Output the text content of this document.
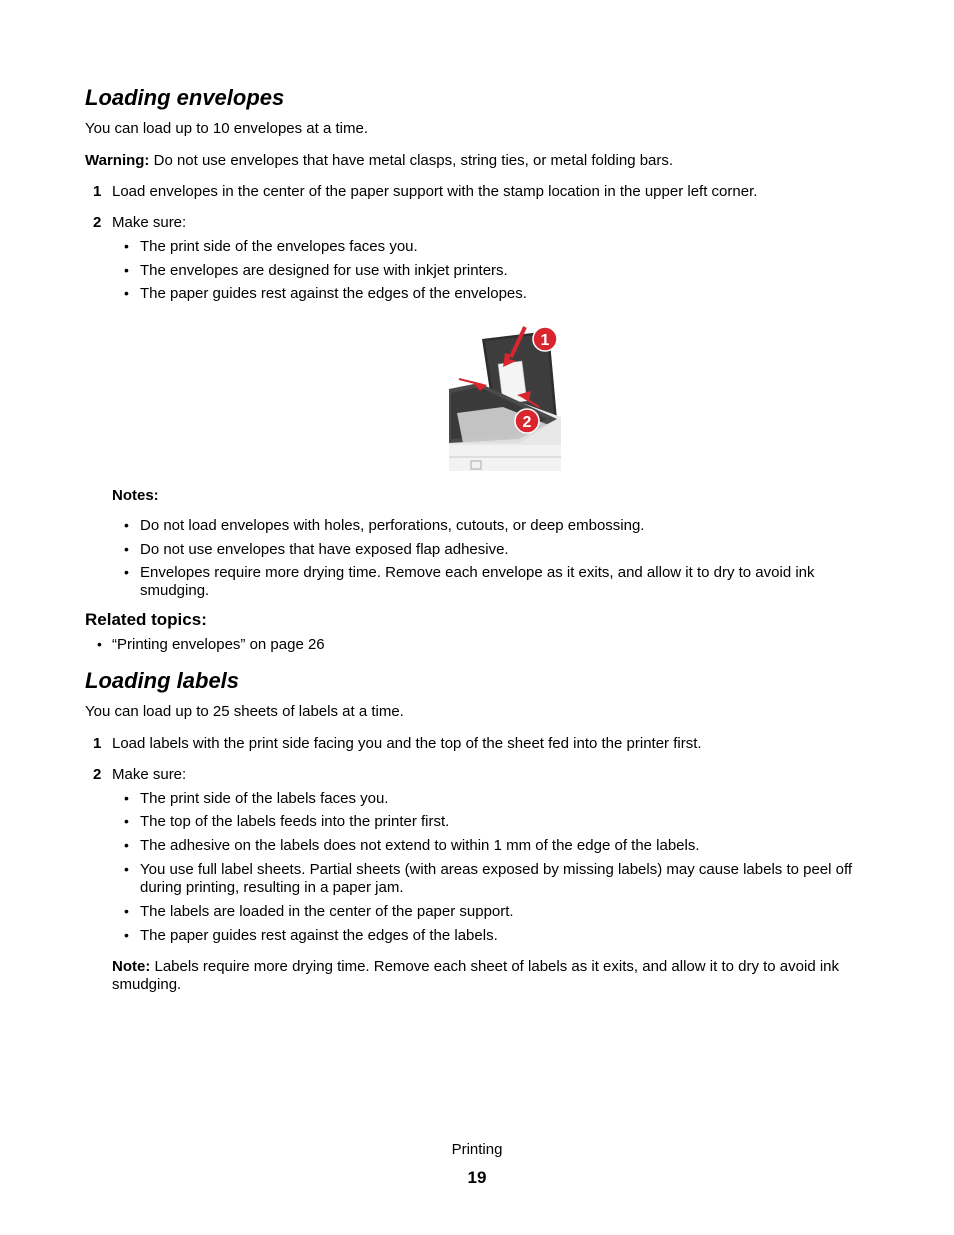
Loading envelopes

You can load up to 10 envelopes at a time.

Warning: Do not use envelopes that have metal clasps, string ties, or metal folding bars.

1 Load envelopes in the center of the paper support with the stamp location in the upper left corner.
2 Make sure:
• The print side of the envelopes faces you.
• The envelopes are designed for use with inkjet printers.
• The paper guides rest against the edges of the envelopes.
1
2
Notes:
• Do not load envelopes with holes, perforations, cutouts, or deep embossing.
• Do not use envelopes that have exposed flap adhesive.
• Envelopes require more drying time. Remove each envelope as it exits, and allow it to dry to avoid ink smudging.
Related topics:
• “Printing envelopes” on page 26
Loading labels

You can load up to 25 sheets of labels at a time.

1 Load labels with the print side facing you and the top of the sheet fed into the printer first.
2 Make sure:
• The print side of the labels faces you.
• The top of the labels feeds into the printer first.
• The adhesive on the labels does not extend to within 1 mm of the edge of the labels.
• You use full label sheets. Partial sheets (with areas exposed by missing labels) may cause labels to peel off during printing, resulting in a paper jam.
• The labels are loaded in the center of the paper support.
• The paper guides rest against the edges of the labels.

Note: Labels require more drying time. Remove each sheet of labels as it exits, and allow it to dry to avoid ink smudging.

Printing
19
